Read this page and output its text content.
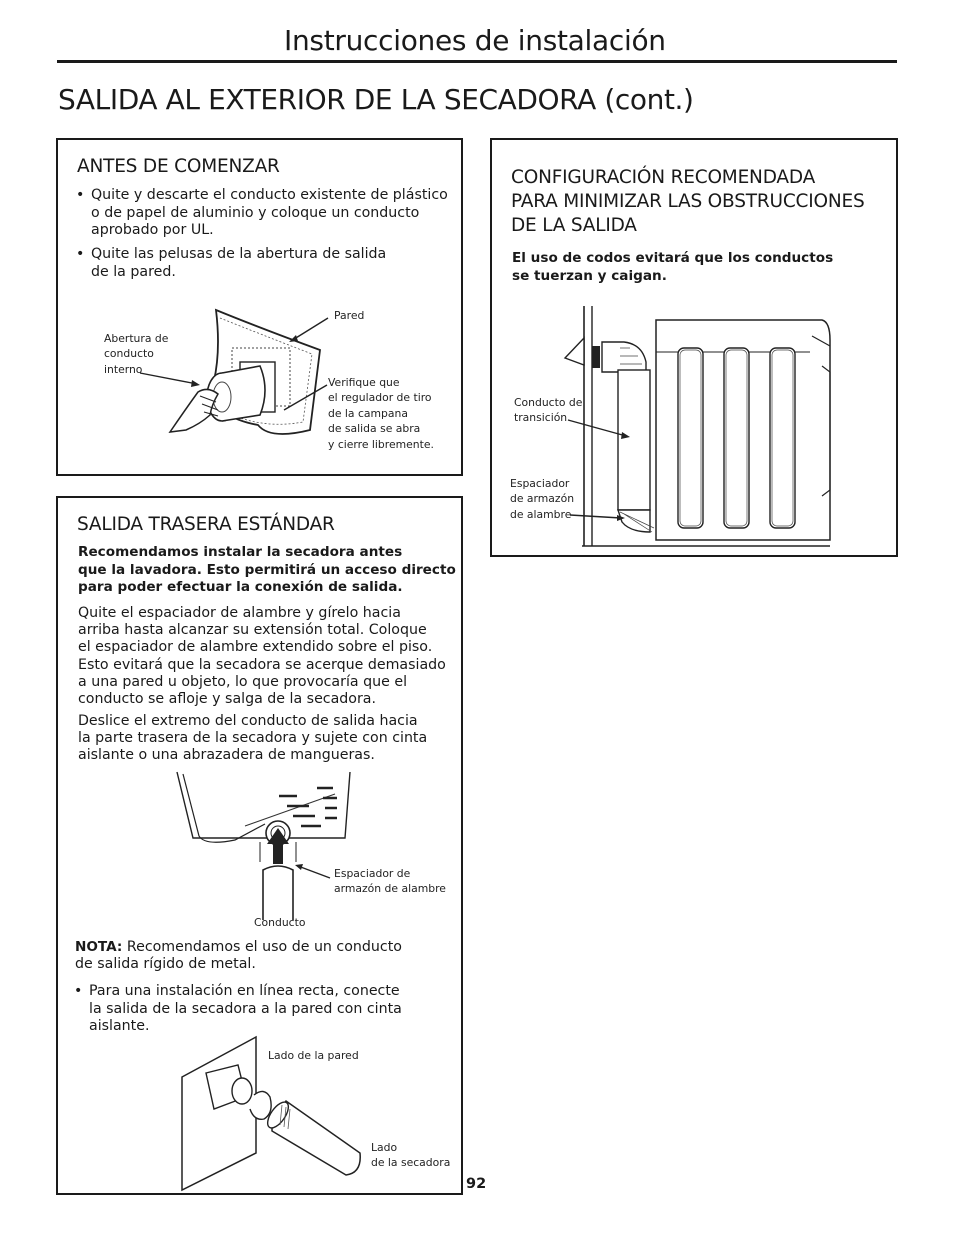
Instrucciones de instalación
SALIDA AL EXTERIOR DE LA SECADORA (cont.)
ANTES DE COMENZAR
• Quite y descarte el conducto existente de plástico
o de papel de aluminio y coloque un conducto
aprobado por UL.
• Quite las pelusas de la abertura de salida
de la pared.
Pared
Abertura de
conducto
interno
Verifique que
el regulador de tiro
de la campana
de salida se abra
y cierre libremente.
SALIDA TRASERA ESTÁNDAR
Recomendamos instalar la secadora antes
que la lavadora. Esto permitirá un acceso directo
para poder efectuar la conexión de salida.
Quite el espaciador de alambre y gírelo hacia
arriba hasta alcanzar su extensión total. Coloque
el espaciador de alambre extendido sobre el piso.
Esto evitará que la secadora se acerque demasiado
a una pared u objeto, lo que provocaría que el
conducto se afloje y salga de la secadora.
Deslice el extremo del conducto de salida hacia
la parte trasera de la secadora y sujete con cinta
aislante o una abrazadera de mangueras.
Espaciador de
armazón de alambre
Conducto
NOTA: Recomendamos el uso de un conducto
de salida rígido de metal.
• Para una instalación en línea recta, conecte
la salida de la secadora a la pared con cinta
aislante.
Lado de la pared
Lado
de la secadora
CONFIGURACIÓN RECOMENDADA
PARA MINIMIZAR LAS OBSTRUCCIONES
DE LA SALIDA
El uso de codos evitará que los conductos
se tuerzan y caigan.
Conducto de
transición
Espaciador
de armazón
de alambre
92
